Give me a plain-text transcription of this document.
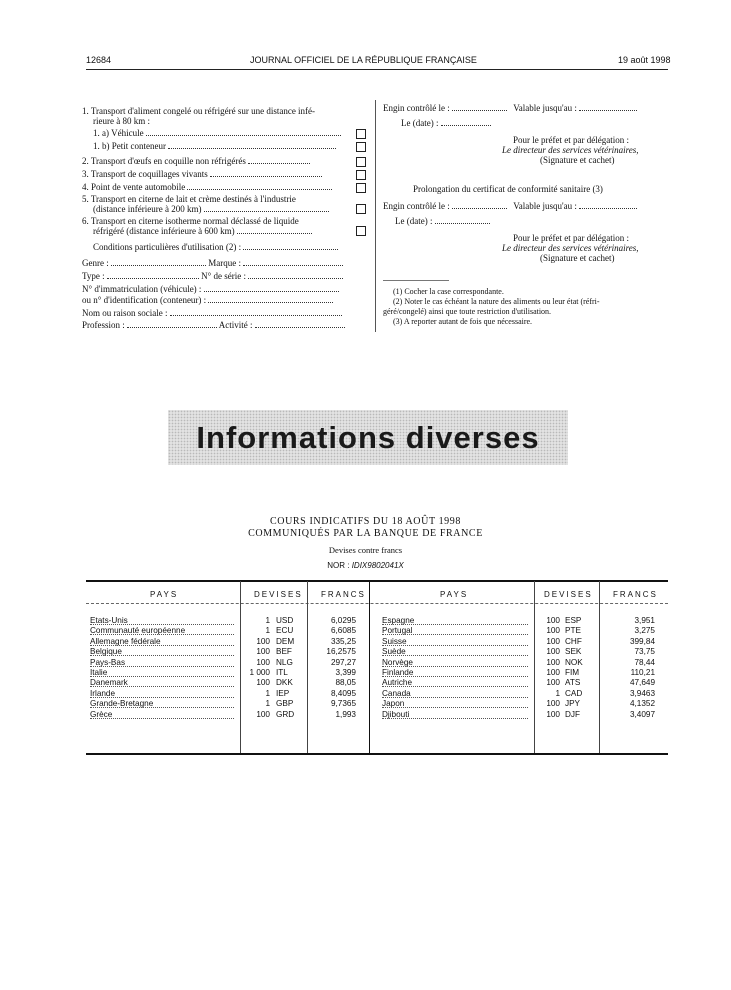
12684	JOURNAL OFFICIEL DE LA RÉPUBLIQUE FRANÇAISE	19 août 1998
1. Transport d'aliment congelé ou réfrigéré sur une distance infé-
rieure à 80 km :
1. a) Véhicule
1. b) Petit conteneur
2. Transport d'œufs en coquille non réfrigérés
3. Transport de coquillages vivants
4. Point de vente automobile
5. Transport en citerne de lait et crème destinés à l'industrie
(distance inférieure à 200 km)
6. Transport en citerne isotherme normal déclassé de liquide
réfrigéré (distance inférieure à 600 km)
Conditions particulières d'utilisation (2) :
Genre :	Marque :
Type :	N° de série :
N° d'immatriculation (véhicule) :
ou n° d'identification (conteneur) :
Nom ou raison sociale :
Profession :	Activité :
Engin contrôlé le :	Valable jusqu'au :
Le (date) :
Pour le préfet et par délégation :
Le directeur des services vétérinaires,
(Signature et cachet)
Prolongation du certificat de conformité sanitaire (3)
Engin contrôlé le :	Valable jusqu'au :
Le (date) :
Pour le préfet et par délégation :
Le directeur des services vétérinaires,
(Signature et cachet)
(1) Cocher la case correspondante.
(2) Noter le cas échéant la nature des aliments ou leur état (réfri-
géré/congelé) ainsi que toute restriction d'utilisation.
(3) A reporter autant de fois que nécessaire.
Informations diverses
COURS INDICATIFS DU 18 AOÛT 1998
COMMUNIQUÉS PAR LA BANQUE DE FRANCE
Devises contre francs
NOR : IDIX9802041X
PAYS	DEVISES FRANCS	PAYS	DEVISES	FRANCS
Etats-Unis	1 USD	6,0295
Communauté européenne	1 ECU	6,6085
Allemagne fédérale	100 DEM	335,25
Belgique	100 BEF	16,2575
Pays-Bas	100 NLG	297,27
Italie	1 000 ITL	3,399
Danemark	100 DKK	88,05
Irlande	1 IEP	8,4095
Grande-Bretagne	1 GBP	9,7365
Grèce	100 GRD	1,993
Espagne	100 ESP	3,951
Portugal	100 PTE	3,275
Suisse	100 CHF	399,84
Suède	100 SEK	73,75
Norvège	100 NOK	78,44
Finlande	100 FIM	110,21
Autriche	100 ATS	47,649
Canada	1 CAD	3,9463
Japon	100 JPY	4,1352
Djibouti	100 DJF	3,4097
